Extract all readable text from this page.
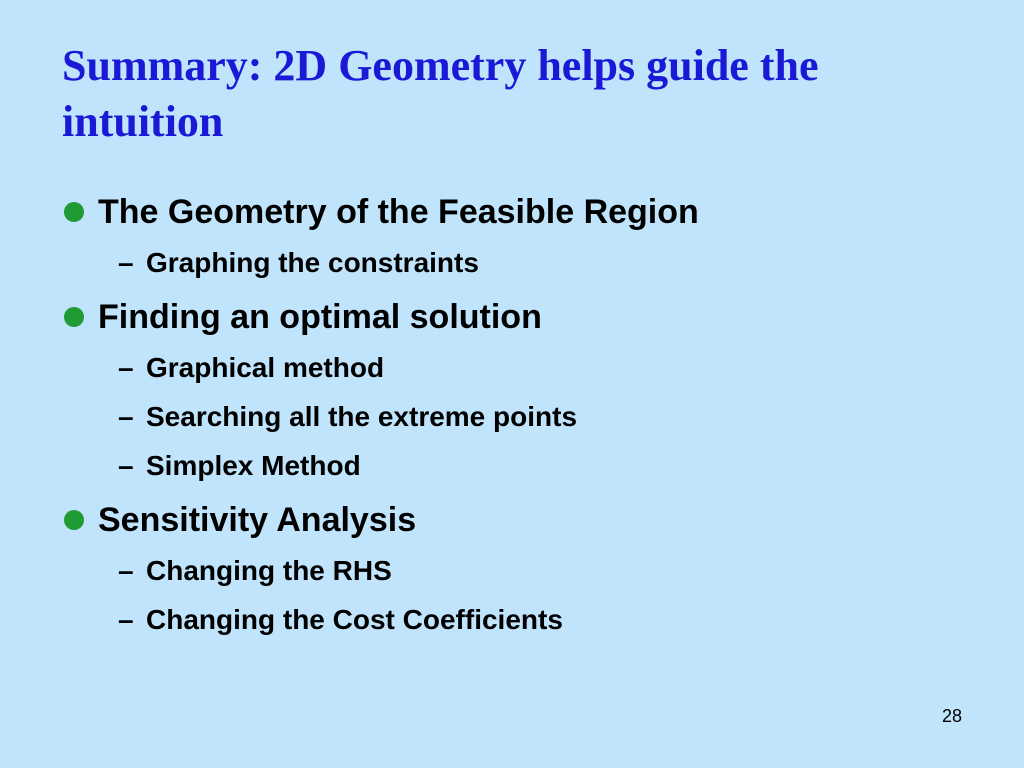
Summary: 2D Geometry helps guide the intuition
The Geometry of the Feasible Region
– Graphing the constraints
Finding an optimal solution
– Graphical method
– Searching all the extreme points
– Simplex Method
Sensitivity Analysis
– Changing the RHS
– Changing the Cost Coefficients
28
